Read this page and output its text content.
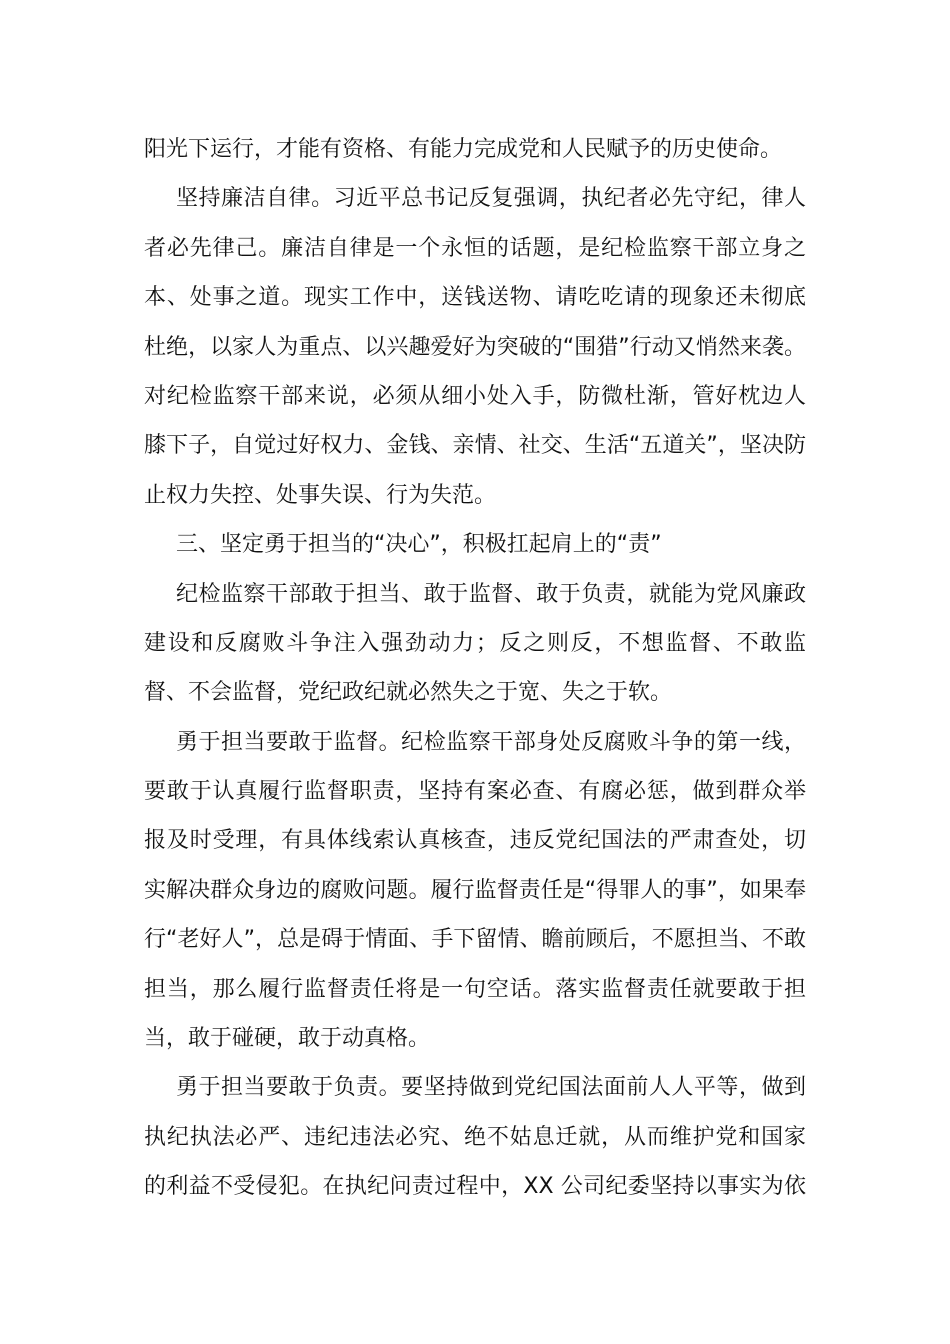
阳光下运行，才能有资格、有能力完成党和人民赋予的历史使命。
坚持廉洁自律。习近平总书记反复强调，执纪者必先守纪，律人
者必先律己。廉洁自律是一个永恒的话题，是纪检监察干部立身之
本、处事之道。现实工作中，送钱送物、请吃吃请的现象还未彻底
杜绝，以家人为重点、以兴趣爱好为突破的“围猎”行动又悄然来袭。
对纪检监察干部来说，必须从细小处入手，防微杜渐，管好枕边人
膝下子，自觉过好权力、金钱、亲情、社交、生活“五道关”，坚决防
止权力失控、处事失误、行为失范。
三、坚定勇于担当的“决心”，积极扛起肩上的“责”
纪检监察干部敢于担当、敢于监督、敢于负责，就能为党风廉政
建设和反腐败斗争注入强劲动力；反之则反，不想监督、不敢监
督、不会监督，党纪政纪就必然失之于宽、失之于软。
勇于担当要敢于监督。纪检监察干部身处反腐败斗争的第一线，
要敢于认真履行监督职责，坚持有案必查、有腐必惩，做到群众举
报及时受理，有具体线索认真核查，违反党纪国法的严肃查处，切
实解决群众身边的腐败问题。履行监督责任是“得罪人的事”，如果奉
行“老好人”，总是碍于情面、手下留情、瞻前顾后，不愿担当、不敢
担当，那么履行监督责任将是一句空话。落实监督责任就要敢于担
当，敢于碰硬，敢于动真格。
勇于担当要敢于负责。要坚持做到党纪国法面前人人平等，做到
执纪执法必严、违纪违法必究、绝不姑息迁就，从而维护党和国家
的利益不受侵犯。在执纪问责过程中，XX 公司纪委坚持以事实为依
